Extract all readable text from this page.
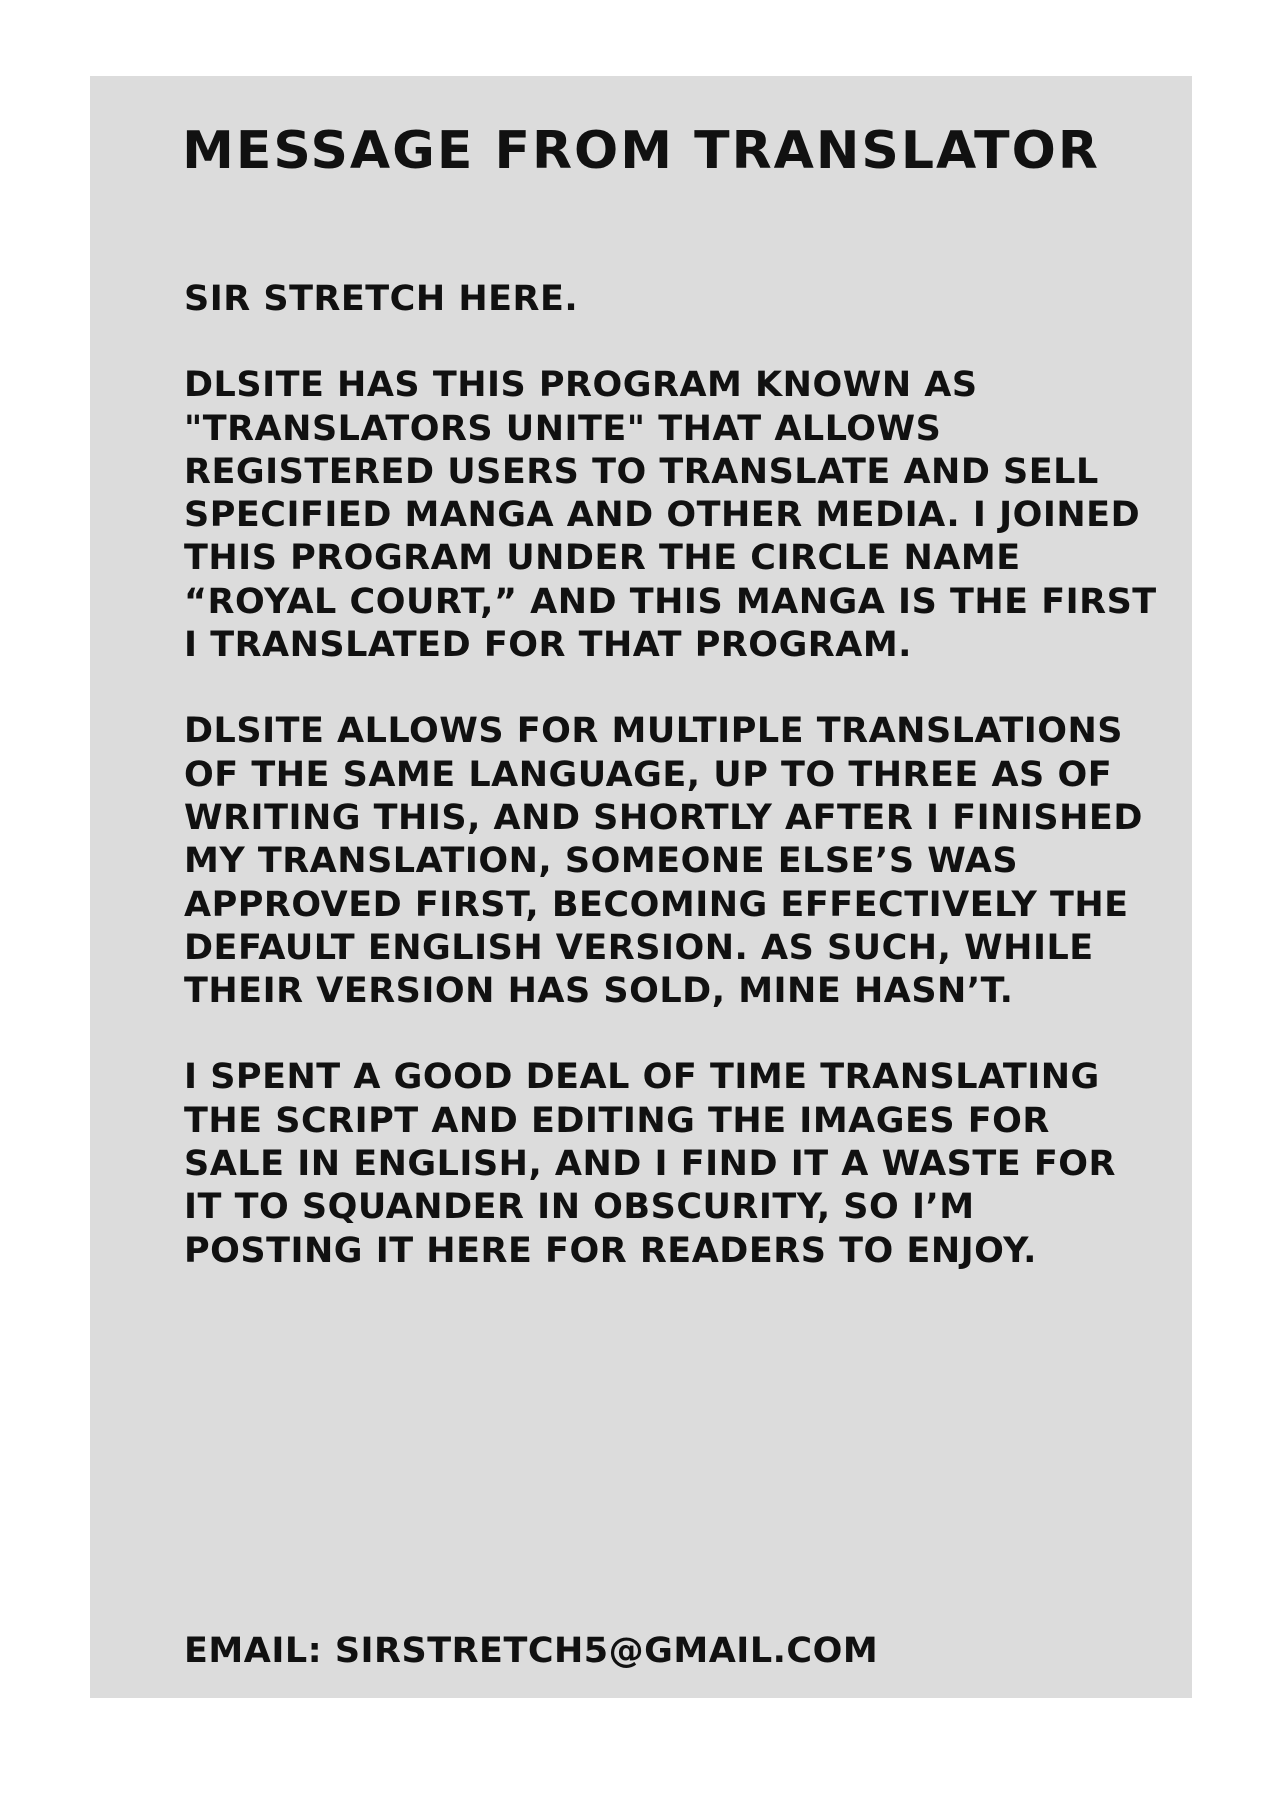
MESSAGE FROM TRANSLATOR

SIR STRETCH HERE.

DLSITE HAS THIS PROGRAM KNOWN AS
"TRANSLATORS UNITE" THAT ALLOWS
REGISTERED USERS TO TRANSLATE AND SELL
SPECIFIED MANGA AND OTHER MEDIA. I JOINED
THIS PROGRAM UNDER THE CIRCLE NAME
“ROYAL COURT,” AND THIS MANGA IS THE FIRST
I TRANSLATED FOR THAT PROGRAM.

DLSITE ALLOWS FOR MULTIPLE TRANSLATIONS
OF THE SAME LANGUAGE, UP TO THREE AS OF
WRITING THIS, AND SHORTLY AFTER I FINISHED
MY TRANSLATION, SOMEONE ELSE’S WAS
APPROVED FIRST, BECOMING EFFECTIVELY THE
DEFAULT ENGLISH VERSION. AS SUCH, WHILE
THEIR VERSION HAS SOLD, MINE HASN’T.

I SPENT A GOOD DEAL OF TIME TRANSLATING
THE SCRIPT AND EDITING THE IMAGES FOR
SALE IN ENGLISH, AND I FIND IT A WASTE FOR
IT TO SQUANDER IN OBSCURITY, SO I’M
POSTING IT HERE FOR READERS TO ENJOY.

EMAIL: SIRSTRETCH5@GMAIL.COM
